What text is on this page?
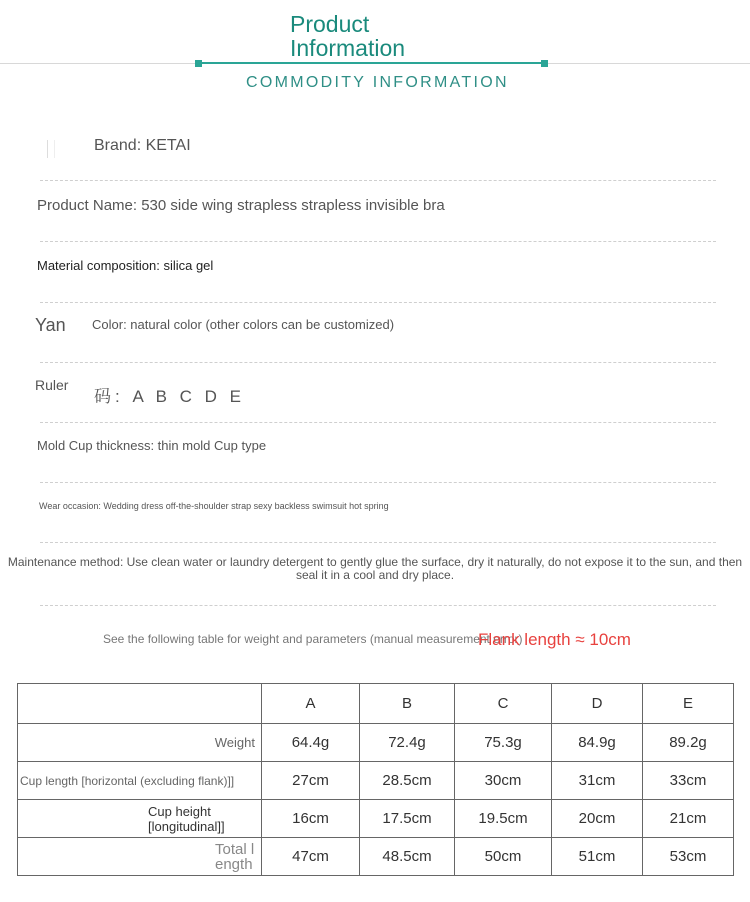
Product Information
COMMODITY INFORMATION
Brand: KETAI
Product Name: 530 side wing strapless strapless invisible bra
Material composition: silica gel
Yan Color: natural color (other colors can be customized)
Ruler
码: A B C D E
Mold Cup thickness: thin mold Cup type
Wear occasion: Wedding dress off-the-shoulder strap sexy backless swimsuit hot spring
Maintenance method: Use clean water or laundry detergent to gently glue the surface, dry it naturally, do not expose it to the sun, and then seal it in a cool and dry place.
See the following table for weight and parameters (manual measurement error)
Flank length ≈ 10cm
	A	B	C	D	E

Weight	64.4g	72.4g	75.3g	84.9g	89.2g

Cup length [horizontal (excluding flank)]]	27cm	28.5cm	30cm	31cm	33cm

Cup height [longitudinal]]	16cm	17.5cm	19.5cm	20cm	21cm

Total length	47cm	48.5cm	50cm	51cm	53cm
